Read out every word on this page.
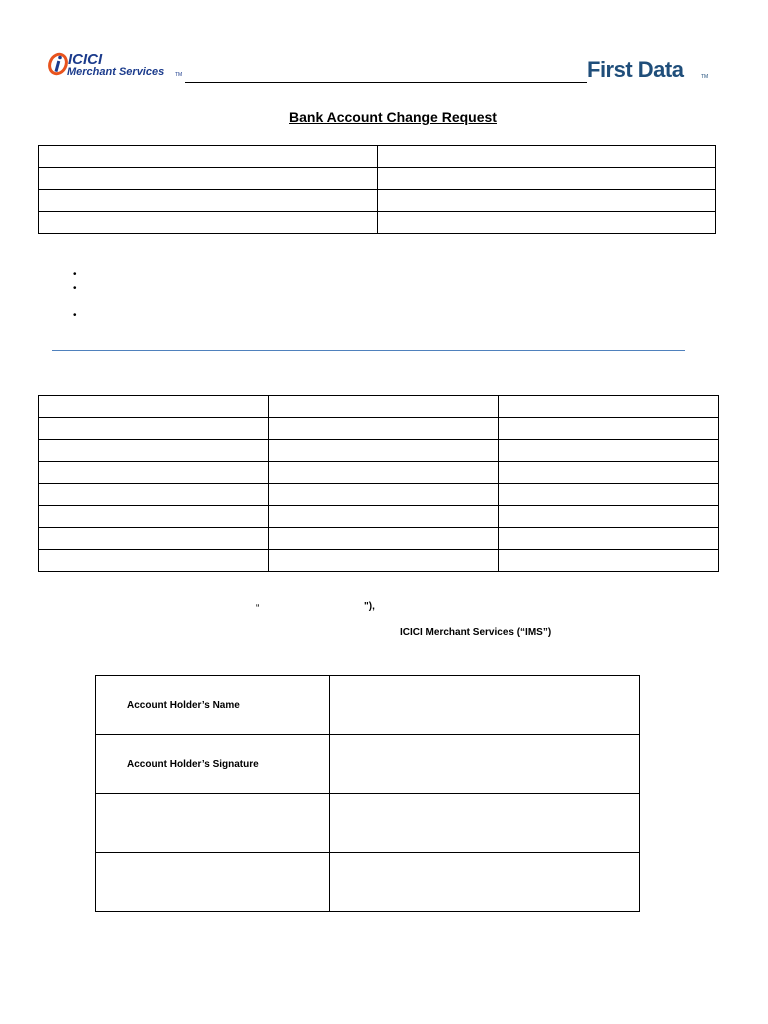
ICICI
Merchant Services TM	First Data	TM
Bank Account Change Request

•
•
•

“	"),
ICICI Merchant Services (“IMS”)
Account Holder’s Name	
Account Holder’s Signature	
